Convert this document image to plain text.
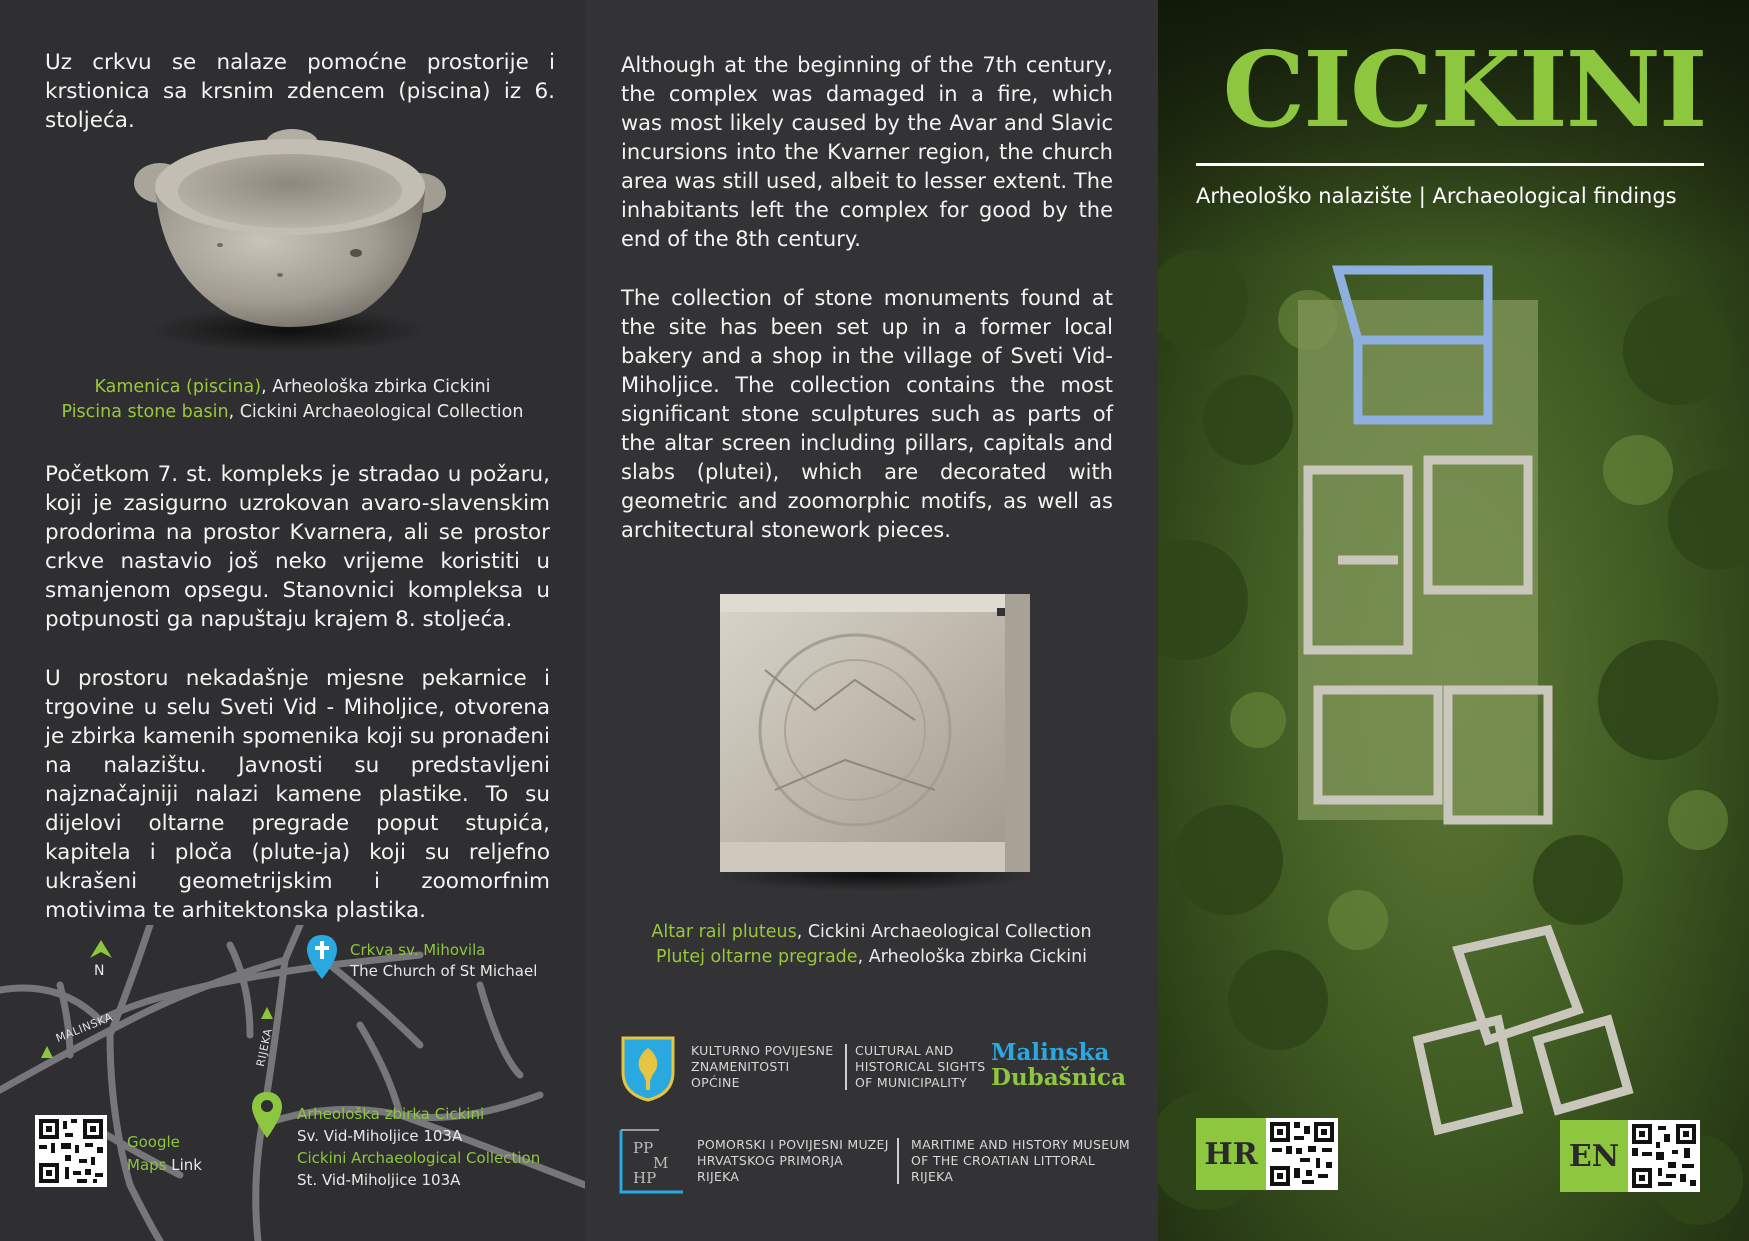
Uz crkvu se nalaze pomoćne prostorije i krstionica sa krsnim zdencem (piscina) iz 6. stoljeća.

Kamenica (piscina), Arheološka zbirka Cickini
Piscina stone basin, Cickini Archaeological Collection

Početkom 7. st. kompleks je stradao u požaru, koji je zasigurno uzrokovan avaro-slavenskim prodorima na prostor Kvarnera, ali se prostor crkve nastavio još neko vrijeme koristiti u smanjenom opsegu. Stanovnici kompleksa u potpunosti ga napuštaju krajem 8. stoljeća.

U prostoru nekadašnje mjesne pekarnice i trgovine u selu Sveti Vid - Miholjice, otvorena je zbirka kamenih spomenika koji su pronađeni na nalazištu. Javnosti su predstavljeni najznačajniji nalazi kamene plastike. To su dijelovi oltarne pregrade poput stupića, kapitela i ploča (plute-ja) koji su reljefno ukrašeni geometrijskim i zoomorfnim motivima te arhitektonska plastika.

N
MALINSKA	RIJEKA
Crkva sv. Mihovila
The Church of St Michael
Arheološka zbirka Cickini
Sv. Vid-Miholjice 103A
Cickini Archaeological Collection
St. Vid-Miholjice 103A
Google
Maps Link

Although at the beginning of the 7th century, the complex was damaged in a fire, which was most likely caused by the Avar and Slavic incursions into the Kvarner region, the church area was still used, albeit to lesser extent. The inhabitants left the complex for good by the end of the 8th century.

The collection of stone monuments found at the site has been set up in a former local bakery and a shop in the village of Sveti Vid-Miholjice. The collection contains the most significant stone sculptures such as parts of the altar screen including pillars, capitals and slabs (plutei), which are decorated with geometric and zoomorphic motifs, as well as architectural stonework pieces.

Altar rail pluteus, Cickini Archaeological Collection
Plutej oltarne pregrade, Arheološka zbirka Cickini
KULTURNO POVIJESNE
ZNAMENITOSTI
OPĆINE
CULTURAL AND
HISTORICAL SIGHTS
OF MUNICIPALITY
Malinska
Dubašnica
PP
M
HP
POMORSKI I POVIJESNI MUZEJ
HRVATSKOG PRIMORJA
RIJEKA
MARITIME AND HISTORY MUSEUM
OF THE CROATIAN LITTORAL
RIJEKA
CICKINI
Arheološko nalazište | Archaeological findings
HR	EN
